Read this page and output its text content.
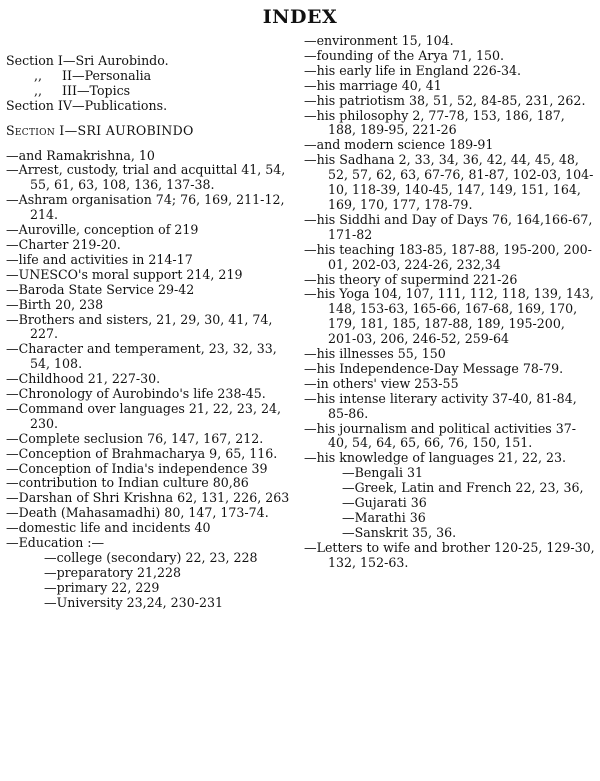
INDEX
Section I—Sri Aurobindo.
,,     II—Personalia
,,     III—Topics
Section IV—Publications.
Section I—SRI AUROBINDO
—and Ramakrishna, 10
—Arrest, custody, trial and acquittal 41, 54, 55, 61, 63, 108, 136, 137-38.
—Ashram organisation 74; 76, 169, 211-12, 214.
—Auroville, conception of 219
—Charter 219-20.
—life and activities in 214-17
—UNESCO's moral support 214, 219
—Baroda State Service 29-42
—Birth 20, 238
—Brothers and sisters, 21, 29, 30, 41, 74, 227.
—Character and temperament, 23, 32, 33, 54, 108.
—Childhood 21, 227-30.
—Chronology of Aurobindo's life 238-45.
—Command over languages 21, 22, 23, 24, 230.
—Complete seclusion 76, 147, 167, 212.
—Conception of Brahmacharya 9, 65, 116.
—Conception of India's independence 39
—contribution to Indian culture 80,86
—Darshan of Shri Krishna 62, 131, 226, 263
—Death (Mahasamadhi) 80, 147, 173-74.
—domestic life and incidents 40
—Education :—
—college (secondary) 22, 23, 228
—preparatory 21,228
—primary 22, 229
—University 23,24, 230-231
—environment 15, 104.
—founding of the Arya 71, 150.
—his early life in England 226-34.
—his marriage 40, 41
—his patriotism 38, 51, 52, 84-85, 231, 262.
—his philosophy 2, 77-78, 153, 186, 187, 188, 189-95, 221-26
—and modern science 189-91
—his Sadhana 2, 33, 34, 36, 42, 44, 45, 48, 52, 57, 62, 63, 67-76, 81-87, 102-03, 104-10, 118-39, 140-45, 147, 149, 151, 164, 169, 170, 177, 178-79.
—his Siddhi and Day of Days 76, 164,166-67, 171-82
—his teaching 183-85, 187-88, 195-200, 200-01, 202-03, 224-26, 232,34
—his theory of supermind 221-26
—his Yoga 104, 107, 111, 112, 118, 139, 143, 148, 153-63, 165-66, 167-68, 169, 170, 179, 181, 185, 187-88, 189, 195-200, 201-03, 206, 246-52, 259-64
—his illnesses 55, 150
—his Independence-Day Message 78-79.
—in others' view 253-55
—his intense literary activity 37-40, 81-84, 85-86.
—his journalism and political activities 37-40, 54, 64, 65, 66, 76, 150, 151.
—his knowledge of languages 21, 22, 23.
—Bengali 31
—Greek, Latin and French 22, 23, 36,
—Gujarati 36
—Marathi 36
—Sanskrit 35, 36.
—Letters to wife and brother 120-25, 129-30, 132, 152-63.
